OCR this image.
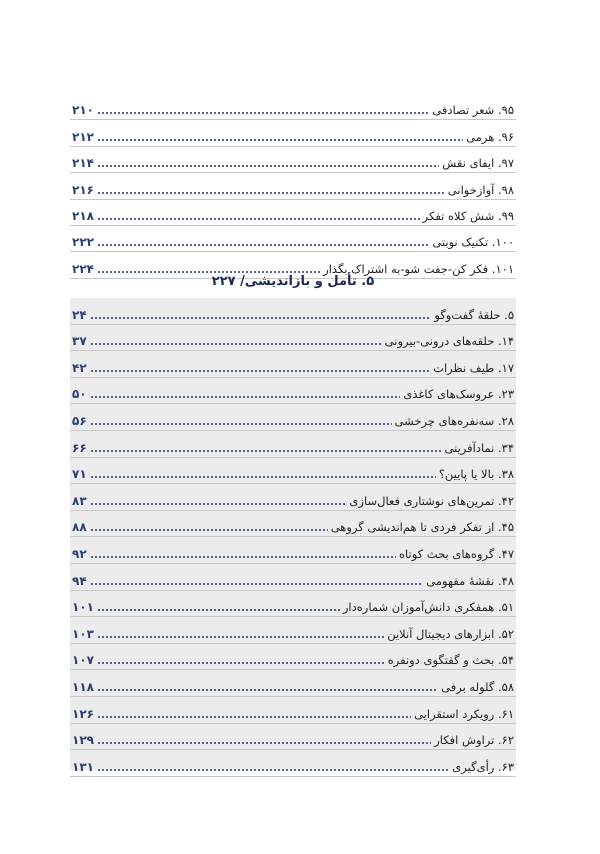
۹۵. شعر تصادفی
۲۱۰
۹۶. هرمی
۲۱۲
۹۷. ایفای نقش
۲۱۴
۹۸. آوازخوانی
۲۱۶
۹۹. شش کلاه تفکر
۲۱۸
۱۰۰. تکنیک نوبتی
۲۲۲
۱۰۱. فکر کن-جفت شو-به اشتراک بگذار
۲۲۴
۵. تأمل و بازاندیشی/ ۲۲۷
۵. حلقهٔ گفت‌وگو
۲۴
۱۴. حلقه‌های درونی-بیرونی
۳۷
۱۷. طیف نظرات
۴۲
۲۳. عروسک‌های کاغذی
۵۰
۲۸. سه‌نفره‌های چرخشی
۵۶
۳۴. نمادآفرینی
۶۶
۳۸. بالا یا پایین؟
۷۱
۴۲. تمرین‌های نوشتاری فعال‌سازی
۸۳
۴۵. از تفکر فردی تا هم‌اندیشی گروهی
۸۸
۴۷. گروه‌های بحث کوتاه
۹۲
۴۸. نقشهٔ مفهومی
۹۴
۵۱. همفکری دانش‌آموزان شماره‌دار
۱۰۱
۵۲. ابزارهای دیجیتال آنلاین
۱۰۳
۵۴. بحث و گفتگوی دونفره
۱۰۷
۵۸. گلوله برفی
۱۱۸
۶۱. رویکرد استقرایی
۱۲۶
۶۲. تراوش افکار
۱۲۹
۶۳. رأی‌گیری
۱۳۱
